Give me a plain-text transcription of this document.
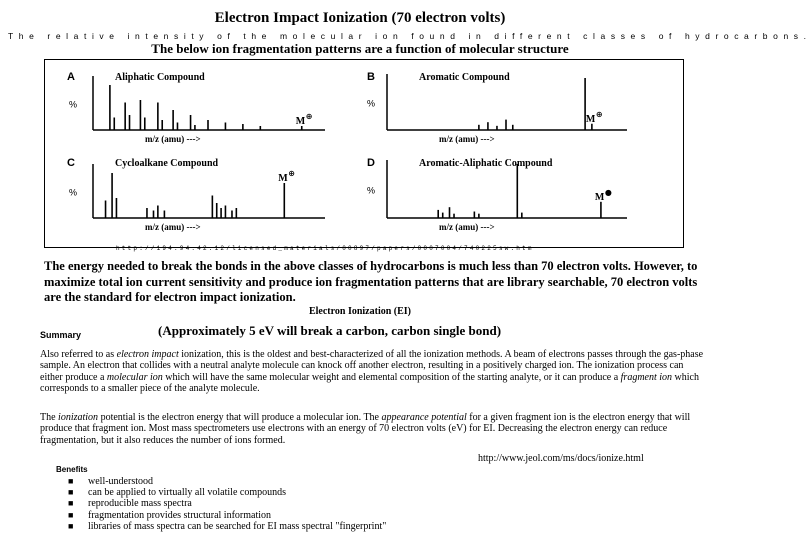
Electron Impact Ionization (70 electron volts)
The relative intensity of the molecular ion found in different classes of hydrocarbons.
The below ion fragmentation patterns are a function of molecular structure
A	Aliphatic Compound
%
m/z (amu) --->
M ⊕
B	Aromatic Compound
%
m/z (amu) --->
M ⊕
C	Cycloalkane Compound
%
m/z (amu) --->
M ⊕
D	Aromatic-Aliphatic Compound
%
m/z (amu) --->
M ●
http://194.94.42.12/licensed_materials/00897/papers/0007004/740225sw.htm
The energy needed to break the bonds in the above classes of hydrocarbons is much less than 70 electron volts. However, to maximize total ion current sensitivity and produce ion fragmentation patterns that are library searchable, 70 electron volts are the standard for electron impact ionization.
Electron Ionization (EI)
Summary	(Approximately 5 eV will break a carbon, carbon single bond)
Also referred to as electron impact ionization, this is the oldest and best-characterized of all the ionization methods. A beam of electrons passes through the gas-phase sample. An electron that collides with a neutral analyte molecule can knock off another electron, resulting in a positively charged ion. The ionization process can either produce a molecular ion which will have the same molecular weight and elemental composition of the starting analyte, or it can produce a fragment ion which corresponds to a smaller piece of the analyte molecule.
The ionization potential is the electron energy that will produce a molecular ion. The appearance potential for a given fragment ion is the electron energy that will produce that fragment ion. Most mass spectrometers use electrons with an energy of 70 electron volts (eV) for EI. Decreasing the electron energy can reduce fragmentation, but it also reduces the number of ions formed.
http://www.jeol.com/ms/docs/ionize.html
Benefits
■ well-understood
■ can be applied to virtually all volatile compounds
■ reproducible mass spectra
■ fragmentation provides structural information
■ libraries of mass spectra can be searched for EI mass spectral "fingerprint"
